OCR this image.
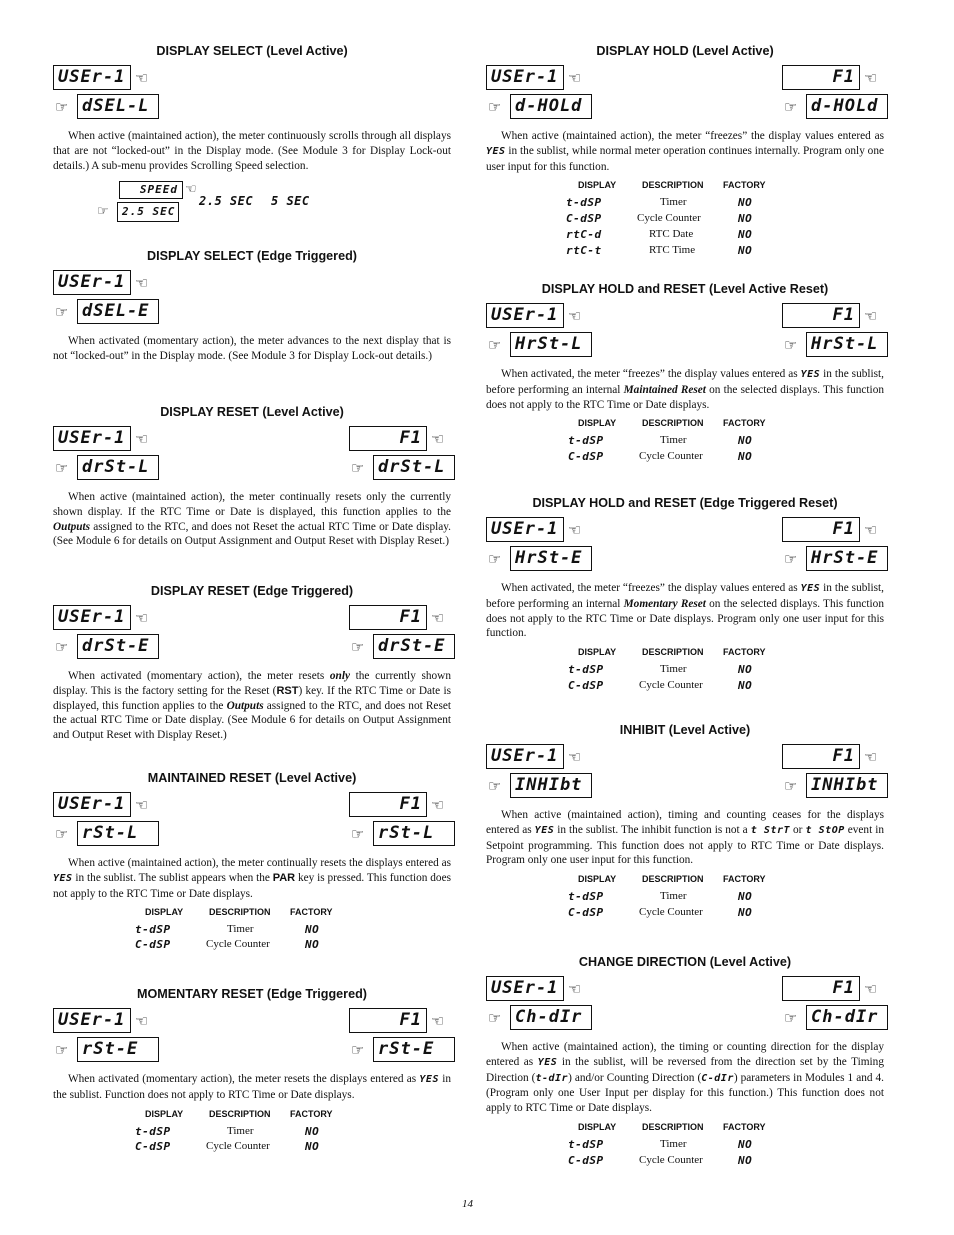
DISPLAY SELECT (Level Active)
USEr-1 ☜
☞ dSEL-L
When active (maintained action), the meter continuously scrolls through all displays that are not “locked-out” in the Display mode. (See Module 3 for Display Lock-out details.) A sub-menu provides Scrolling Speed selection.
SPEEd ☜
☞	2.5 SEC
2.5 SEC 5 SEC
DISPLAY SELECT (Edge Triggered)
USEr-1 ☜
☞ dSEL-E
When activated (momentary action), the meter advances to the next display that is not “locked-out” in the Display mode. (See Module 3 for Display Lock-out details.)
DISPLAY RESET (Level Active)
USEr-1 ☜
☞ drSt-L
F1 ☜
☞ drSt-L
When active (maintained action), the meter continually resets only the currently shown display. If the RTC Time or Date is displayed, this function applies to the Outputs assigned to the RTC, and does not Reset the actual RTC Time or Date display. (See Module 6 for details on Output Assignment and Output Reset with Display Reset.)
DISPLAY RESET (Edge Triggered)
USEr-1 ☜
☞ drSt-E
F1 ☜
☞ drSt-E
When activated (momentary action), the meter resets only the currently shown display. This is the factory setting for the Reset (RST) key. If the RTC Time or Date is displayed, this function applies to the Outputs assigned to the RTC, and does not Reset the actual RTC Time or Date display. (See Module 6 for details on Output Assignment and Output Reset with Display Reset.)
MAINTAINED RESET (Level Active)
USEr-1 ☜
☞ rSt-L
F1 ☜
☞ rSt-L
When active (maintained action), the meter continually resets the displays entered as YES in the sublist. The sublist appears when the PAR key is pressed. This function does not apply to the RTC Time or Date displays.
DISPLAY	DESCRIPTION FACTORY
t-dSP	Timer	NO
C-dSP	Cycle Counter	NO
MOMENTARY RESET (Edge Triggered)
USEr-1 ☜
☞ rSt-E
F1 ☜
☞ rSt-E
When activated (momentary action), the meter resets the displays entered as YES in the sublist. Function does not apply to RTC Time or Date displays.
DISPLAY	DESCRIPTION FACTORY
t-dSP	Timer	NO
C-dSP	Cycle Counter	NO
DISPLAY HOLD (Level Active)
USEr-1 ☜
☞ d-HOLd
F1 ☜
☞ d-HOLd
When active (maintained action), the meter “freezes” the display values entered as YES in the sublist, while normal meter operation continues internally. Program only one user input for this function.
DISPLAY	DESCRIPTION FACTORY
t-dSP	Timer	NO
C-dSP	Cycle Counter	NO
rtC-d	RTC Date	NO
rtC-t	RTC Time	NO
DISPLAY HOLD and RESET (Level Active Reset)
USEr-1 ☜
☞ HrSt-L
F1 ☜
☞ HrSt-L
When activated, the meter “freezes” the display values entered as YES in the sublist, before performing an internal Maintained Reset on the selected displays. This function does not apply to the RTC Time or Date displays.
DISPLAY	DESCRIPTION FACTORY
t-dSP	Timer	NO
C-dSP	Cycle Counter	NO
DISPLAY HOLD and RESET (Edge Triggered Reset)
USEr-1 ☜
☞ HrSt-E
F1 ☜
☞ HrSt-E
When activated, the meter “freezes” the display values entered as YES in the sublist, before performing an internal Momentary Reset on the selected displays. This function does not apply to the RTC Time or Date displays. Program only one user input for this function.
DISPLAY	DESCRIPTION FACTORY
t-dSP	Timer	NO
C-dSP	Cycle Counter	NO
INHIBIT (Level Active)
USEr-1 ☜
☞ INHIbt
F1 ☜
☞ INHIbt
When active (maintained action), timing and counting ceases for the displays entered as YES in the sublist. The inhibit function is not a t StrT or t StOP event in Setpoint programming. This function does not apply to RTC Time or Date displays. Program only one user input for this function.
DISPLAY	DESCRIPTION FACTORY
t-dSP	Timer	NO
C-dSP	Cycle Counter	NO
CHANGE DIRECTION (Level Active)
USEr-1 ☜
☞ Ch-dIr
F1 ☜
☞ Ch-dIr
When active (maintained action), the timing or counting direction for the display entered as YES in the sublist, will be reversed from the direction set by the Timing Direction (t-dIr) and/or Counting Direction (C-dIr) parameters in Modules 1 and 4. (Program only one User Input per display for this function.) This function does not apply to RTC Time or Date displays.
DISPLAY	DESCRIPTION FACTORY
t-dSP	Timer	NO
C-dSP	Cycle Counter	NO
14
